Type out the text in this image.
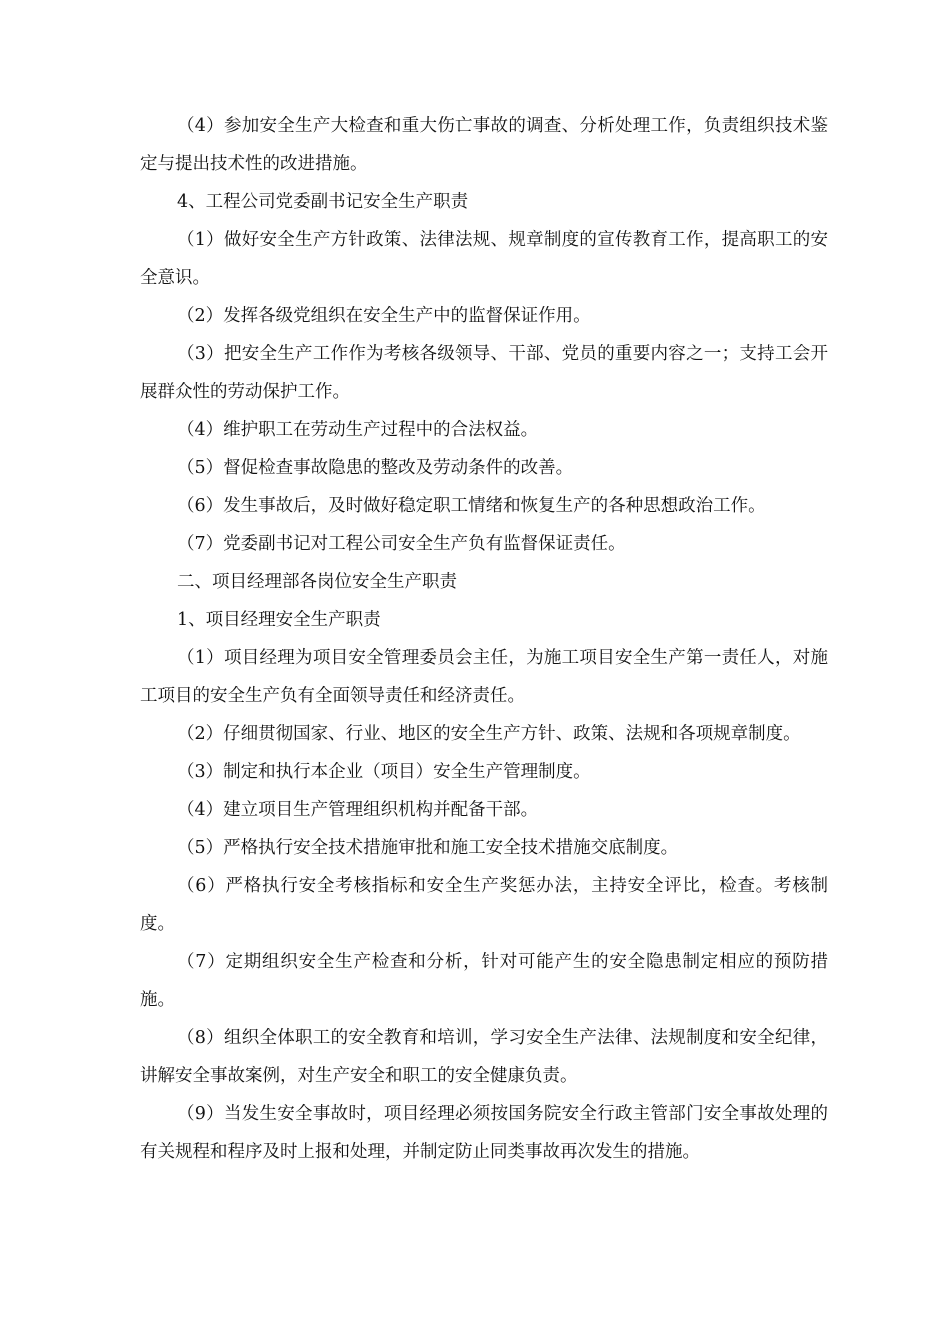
（4）参加安全生产大检查和重大伤亡事故的调查、分析处理工作，负责组织技术鉴定与提出技术性的改进措施。

4、工程公司党委副书记安全生产职责

（1）做好安全生产方针政策、法律法规、规章制度的宣传教育工作，提高职工的安全意识。

（2）发挥各级党组织在安全生产中的监督保证作用。

（3）把安全生产工作作为考核各级领导、干部、党员的重要内容之一；支持工会开展群众性的劳动保护工作。

（4）维护职工在劳动生产过程中的合法权益。

（5）督促检查事故隐患的整改及劳动条件的改善。

（6）发生事故后，及时做好稳定职工情绪和恢复生产的各种思想政治工作。

（7）党委副书记对工程公司安全生产负有监督保证责任。

二、项目经理部各岗位安全生产职责

1、项目经理安全生产职责

（1）项目经理为项目安全管理委员会主任，为施工项目安全生产第一责任人，对施工项目的安全生产负有全面领导责任和经济责任。

（2）仔细贯彻国家、行业、地区的安全生产方针、政策、法规和各项规章制度。

（3）制定和执行本企业（项目）安全生产管理制度。

（4）建立项目生产管理组织机构并配备干部。

（5）严格执行安全技术措施审批和施工安全技术措施交底制度。

（6）严格执行安全考核指标和安全生产奖惩办法，主持安全评比，检查。考核制度。

（7）定期组织安全生产检查和分析，针对可能产生的安全隐患制定相应的预防措施。

（8）组织全体职工的安全教育和培训，学习安全生产法律、法规制度和安全纪律，讲解安全事故案例，对生产安全和职工的安全健康负责。

（9）当发生安全事故时，项目经理必须按国务院安全行政主管部门安全事故处理的有关规程和程序及时上报和处理，并制定防止同类事故再次发生的措施。
